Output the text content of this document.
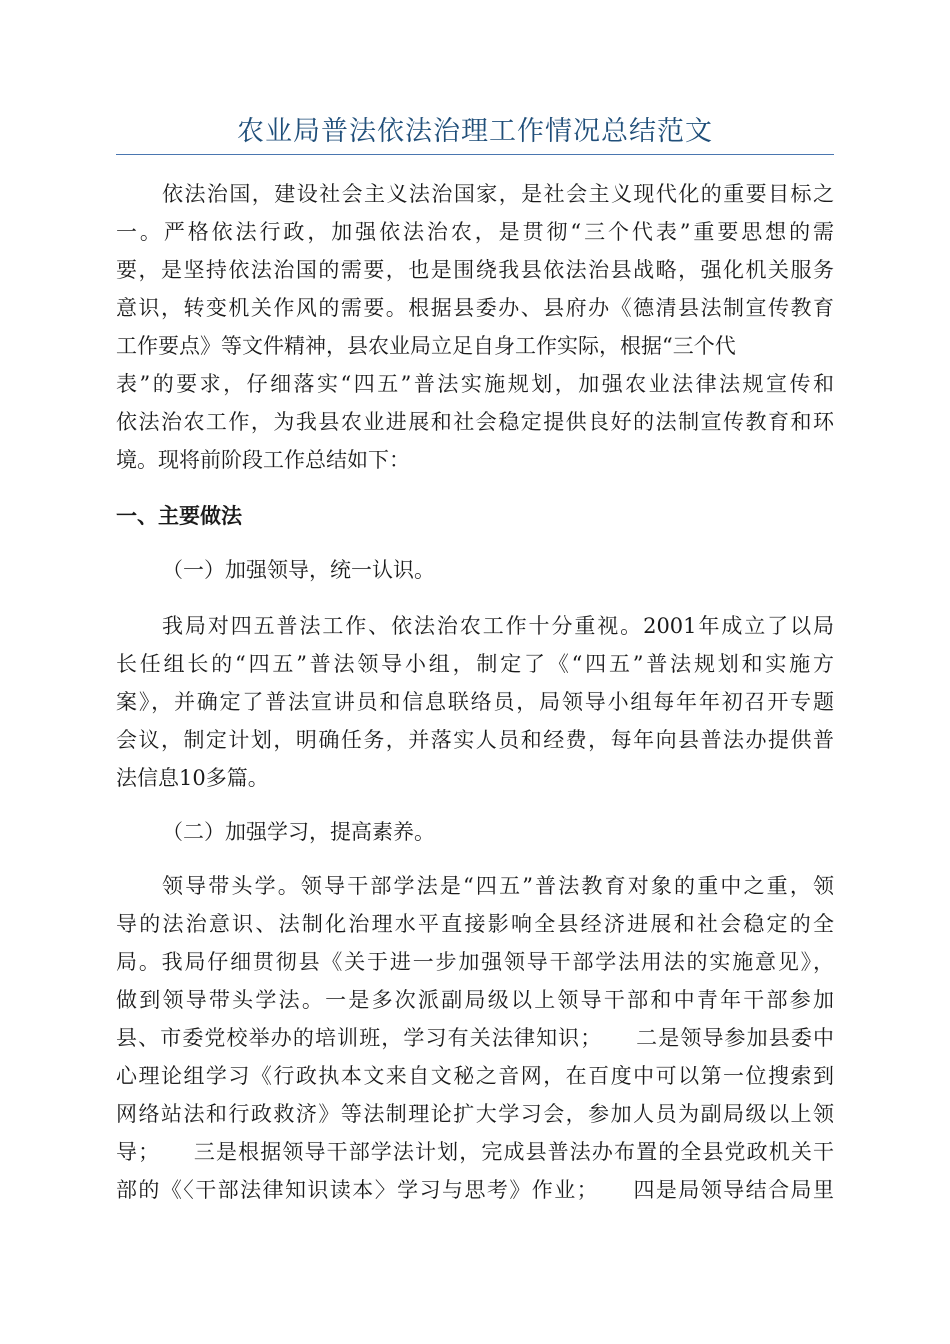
农业局普法依法治理工作情况总结范文
依法治国，建设社会主义法治国家，是社会主义现代化的重要目标之
一。严格依法行政，加强依法治农，是贯彻“三个代表”重要思想的需
要，是坚持依法治国的需要，也是围绕我县依法治县战略，强化机关服务
意识，转变机关作风的需要。根据县委办、县府办《德清县法制宣传教育
工作要点》等文件精神，县农业局立足自身工作实际，根据“三个代
表”的要求，仔细落实“四五”普法实施规划，加强农业法律法规宣传和
依法治农工作，为我县农业进展和社会稳定提供良好的法制宣传教育和环
境。现将前阶段工作总结如下：
一、主要做法
（一）加强领导，统一认识。
我局对四五普法工作、依法治农工作十分重视。2001年成立了以局
长任组长的“四五”普法领导小组，制定了《“四五”普法规划和实施方
案》，并确定了普法宣讲员和信息联络员，局领导小组每年年初召开专题
会议，制定计划，明确任务，并落实人员和经费，每年向县普法办提供普
法信息10多篇。
（二）加强学习，提高素养。
领导带头学。领导干部学法是“四五”普法教育对象的重中之重，领
导的法治意识、法制化治理水平直接影响全县经济进展和社会稳定的全
局。我局仔细贯彻县《关于进一步加强领导干部学法用法的实施意见》，
做到领导带头学法。一是多次派副局级以上领导干部和中青年干部参加
县、市委党校举办的培训班，学习有关法律知识；　　二是领导参加县委中
心理论组学习《行政执本文来自文秘之音网，在百度中可以第一位搜索到
网络站法和行政救济》等法制理论扩大学习会，参加人员为副局级以上领
导；　　三是根据领导干部学法计划，完成县普法办布置的全县党政机关干
部的《〈干部法律知识读本〉学习与思考》作业；　　四是局领导结合局里
